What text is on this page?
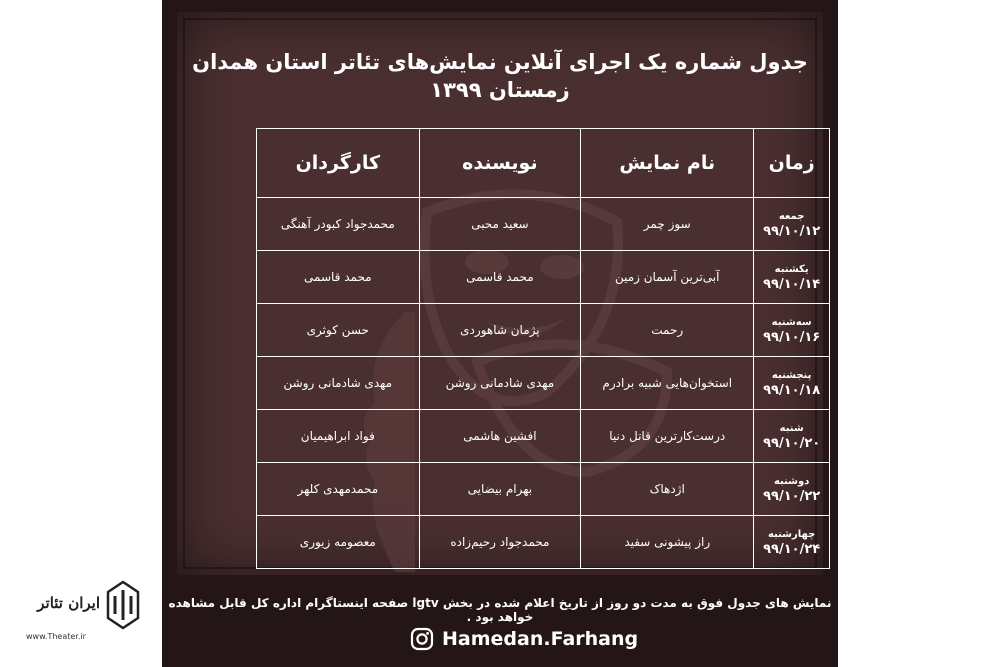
جدول شماره یک اجرای آنلاین نمایش‌های تئاتر استان همدان
زمستان ۱۳۹۹
زمان	نام نمایش	نویسنده	کارگردان

جمعه
۹۹/۱۰/۱۲	سوز چمر	سعید محبی	محمدجواد کبودر آهنگی

یکشنبه
۹۹/۱۰/۱۴	آبی‌ترین آسمان زمین	محمد قاسمی	محمد قاسمی

سه‌شنبه
۹۹/۱۰/۱۶	رحمت	پژمان شاهوردی	حسن کوثری

پنجشنبه
۹۹/۱۰/۱۸	استخوان‌هایی شبیه برادرم	مهدی شادمانی روشن	مهدی شادمانی روشن

شنبه
۹۹/۱۰/۲۰	درست‌کارترین قاتل دنیا	افشین هاشمی	فواد ابراهیمیان

دوشنبه
۹۹/۱۰/۲۲	اژدهاک	بهرام بیضایی	محمدمهدی کلهر

چهارشنبه
۹۹/۱۰/۲۴	راز پیشونی سفید	محمدجواد رحیم‌زاده	معصومه زیوری
نمایش های جدول فوق به مدت دو روز از تاریخ اعلام شده در بخش lgtv صفحه اینستاگرام اداره کل قابل مشاهده خواهد بود .
Hamedan.Farhang
ایران تئاتر
www.Theater.ir
